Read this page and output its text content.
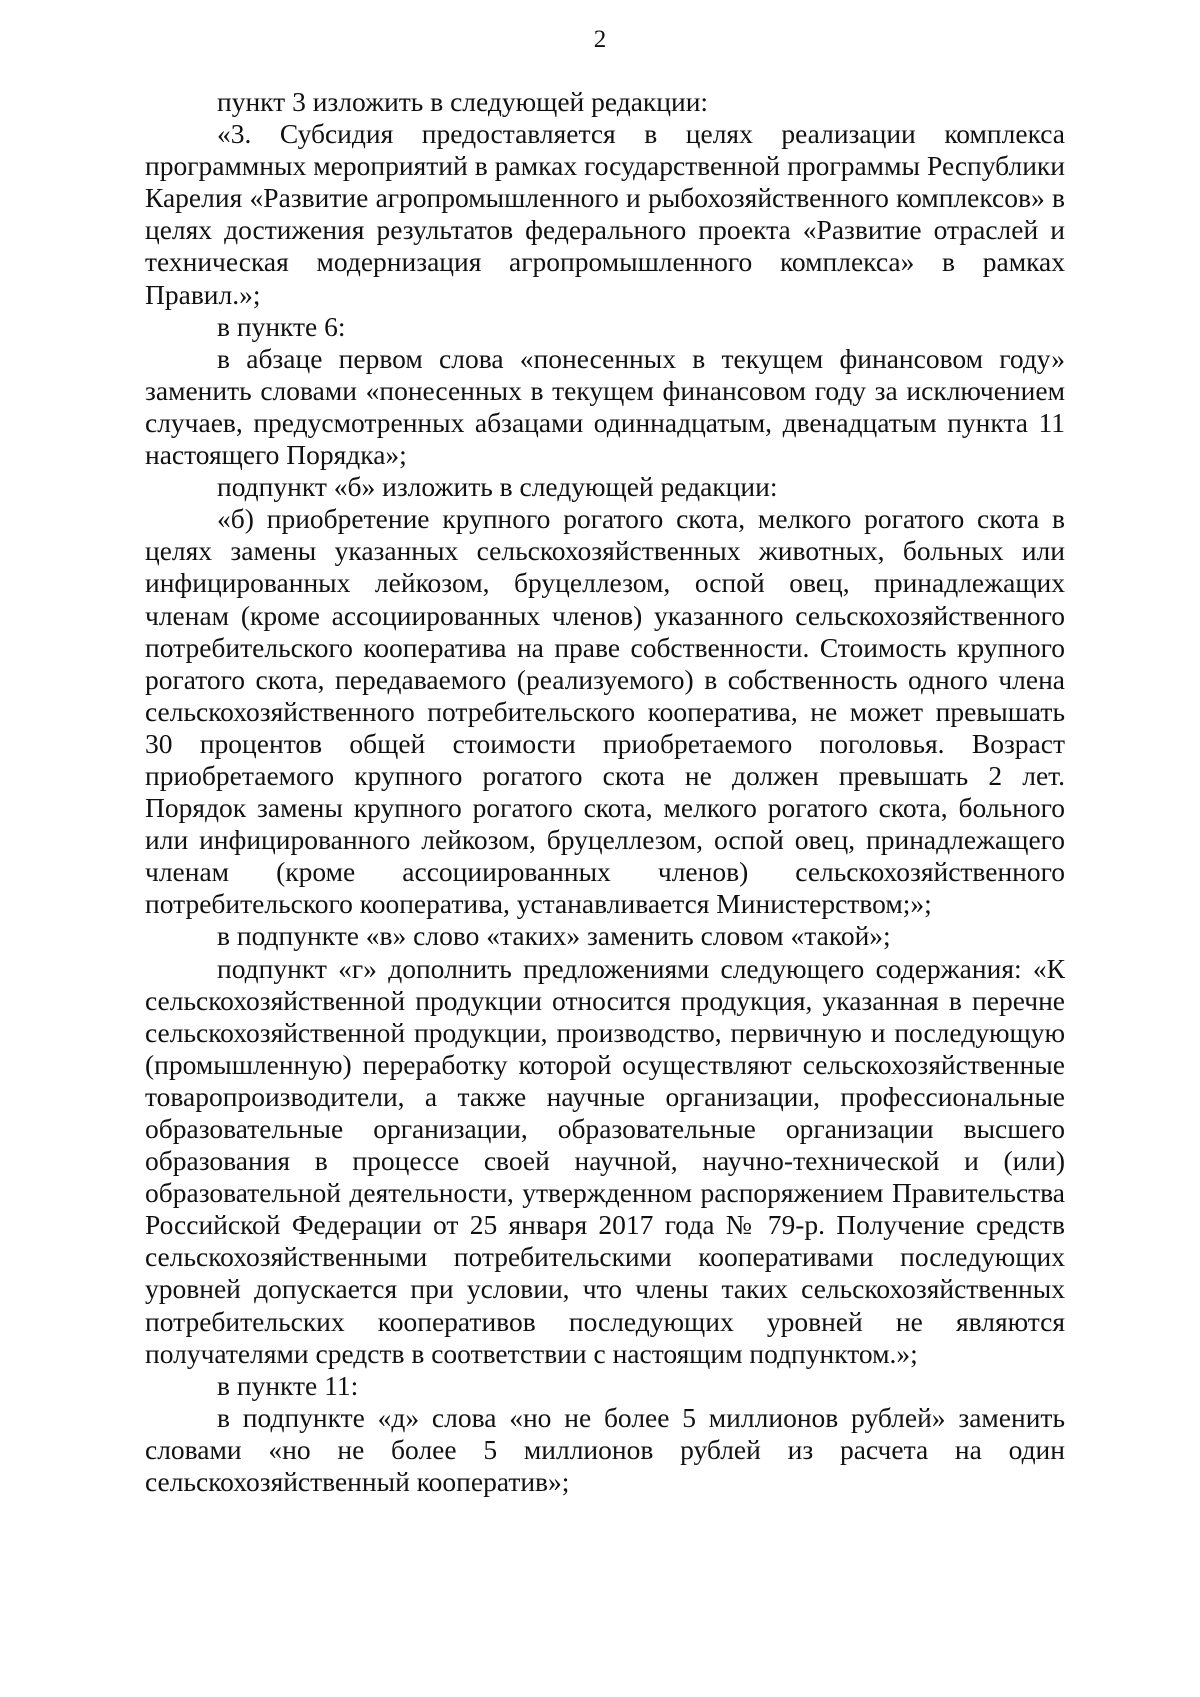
2

пункт 3 изложить в следующей редакции:

«3. Субсидия предоставляется в целях реализации комплекса программных мероприятий в рамках государственной программы Республики Карелия «Развитие агропромышленного и рыбохозяйственного комплексов» в целях достижения результатов федерального проекта «Развитие отраслей и техническая модернизация агропромышленного комплекса» в рамках Правил.»;

в пункте 6:

в абзаце первом слова «понесенных в текущем финансовом году» заменить словами «понесенных в текущем финансовом году за исключением случаев, предусмотренных абзацами одиннадцатым, двенадцатым пункта 11 настоящего Порядка»;

подпункт «б» изложить в следующей редакции:

«б) приобретение крупного рогатого скота, мелкого рогатого скота в целях замены указанных сельскохозяйственных животных, больных или инфицированных лейкозом, бруцеллезом, оспой овец, принадлежащих членам (кроме ассоциированных членов) указанного сельскохозяйственного потребительского кооператива на праве собственности. Стоимость крупного рогатого скота, передаваемого (реализуемого) в собственность одного члена сельскохозяйственного потребительского кооператива, не может превышать 30 процентов общей стоимости приобретаемого поголовья. Возраст приобретаемого крупного рогатого скота не должен превышать 2 лет. Порядок замены крупного рогатого скота, мелкого рогатого скота, больного или инфицированного лейкозом, бруцеллезом, оспой овец, принадлежащего членам (кроме ассоциированных членов) сельскохозяйственного потребительского кооператива, устанавливается Министерством;»;

в подпункте «в» слово «таких» заменить словом «такой»;

подпункт «г» дополнить предложениями следующего содержания: «К сельскохозяйственной продукции относится продукция, указанная в перечне сельскохозяйственной продукции, производство, первичную и последующую (промышленную) переработку которой осуществляют сельскохозяйственные товаропроизводители, а также научные организации, профессиональные образовательные организации, образовательные организации высшего образования в процессе своей научной, научно-технической и (или) образовательной деятельности, утвержденном распоряжением Правительства Российской Федерации от 25 января 2017 года № 79-р. Получение средств сельскохозяйственными потребительскими кооперативами последующих уровней допускается при условии, что члены таких сельскохозяйственных потребительских кооперативов последующих уровней не являются получателями средств в соответствии с настоящим подпунктом.»;

в пункте 11:

в подпункте «д» слова «но не более 5 миллионов рублей» заменить словами «но не более 5 миллионов рублей из расчета на один сельскохозяйственный кооператив»;
